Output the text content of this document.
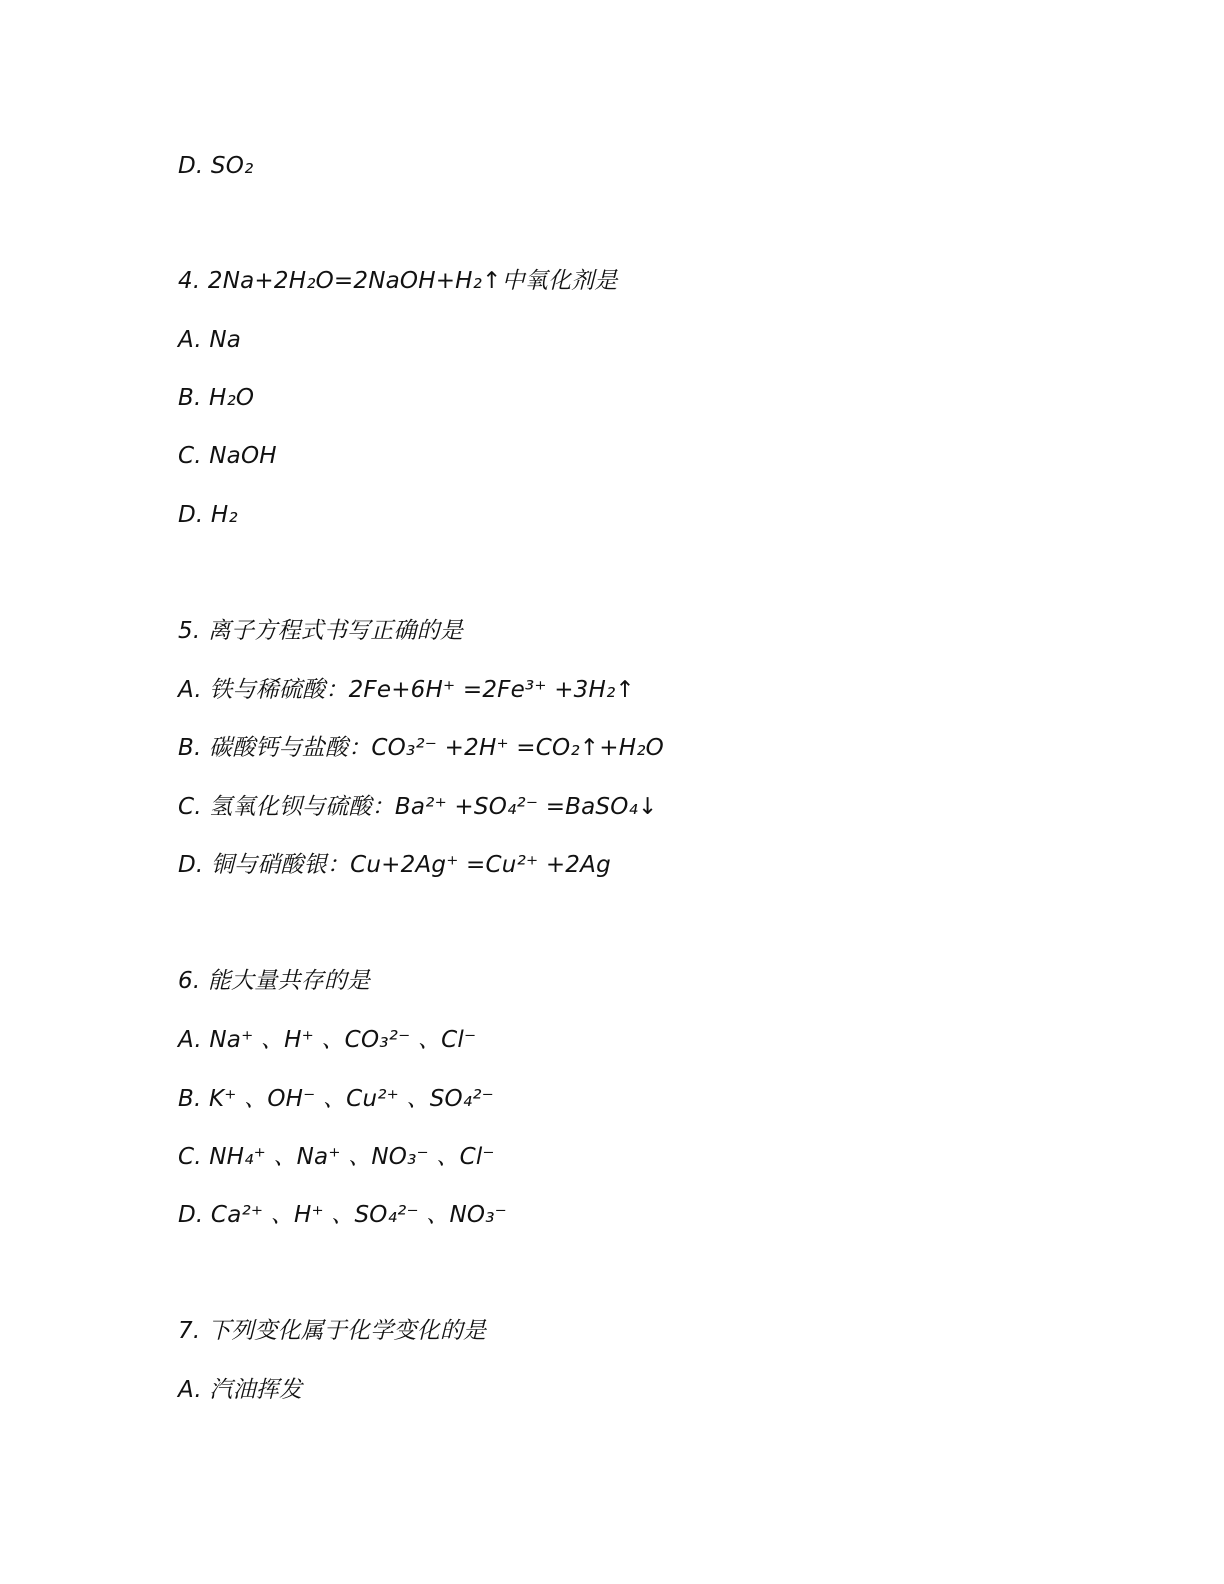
D. SO₂
4. 2Na+2H₂O=2NaOH+H₂↑中氧化剂是
A. Na
B. H₂O
C. NaOH
D. H₂
5. 离子方程式书写正确的是
A. 铁与稀硫酸：2Fe+6H⁺ =2Fe³⁺ +3H₂↑
B. 碳酸钙与盐酸：CO₃²⁻ +2H⁺ =CO₂↑+H₂O
C. 氢氧化钡与硫酸：Ba²⁺ +SO₄²⁻ =BaSO₄↓
D. 铜与硝酸银：Cu+2Ag⁺ =Cu²⁺ +2Ag
6. 能大量共存的是
A. Na⁺ 、H⁺ 、CO₃²⁻ 、Cl⁻
B. K⁺ 、OH⁻ 、Cu²⁺ 、SO₄²⁻
C. NH₄⁺ 、Na⁺ 、NO₃⁻ 、Cl⁻
D. Ca²⁺ 、H⁺ 、SO₄²⁻ 、NO₃⁻
7. 下列变化属于化学变化的是
A. 汽油挥发
